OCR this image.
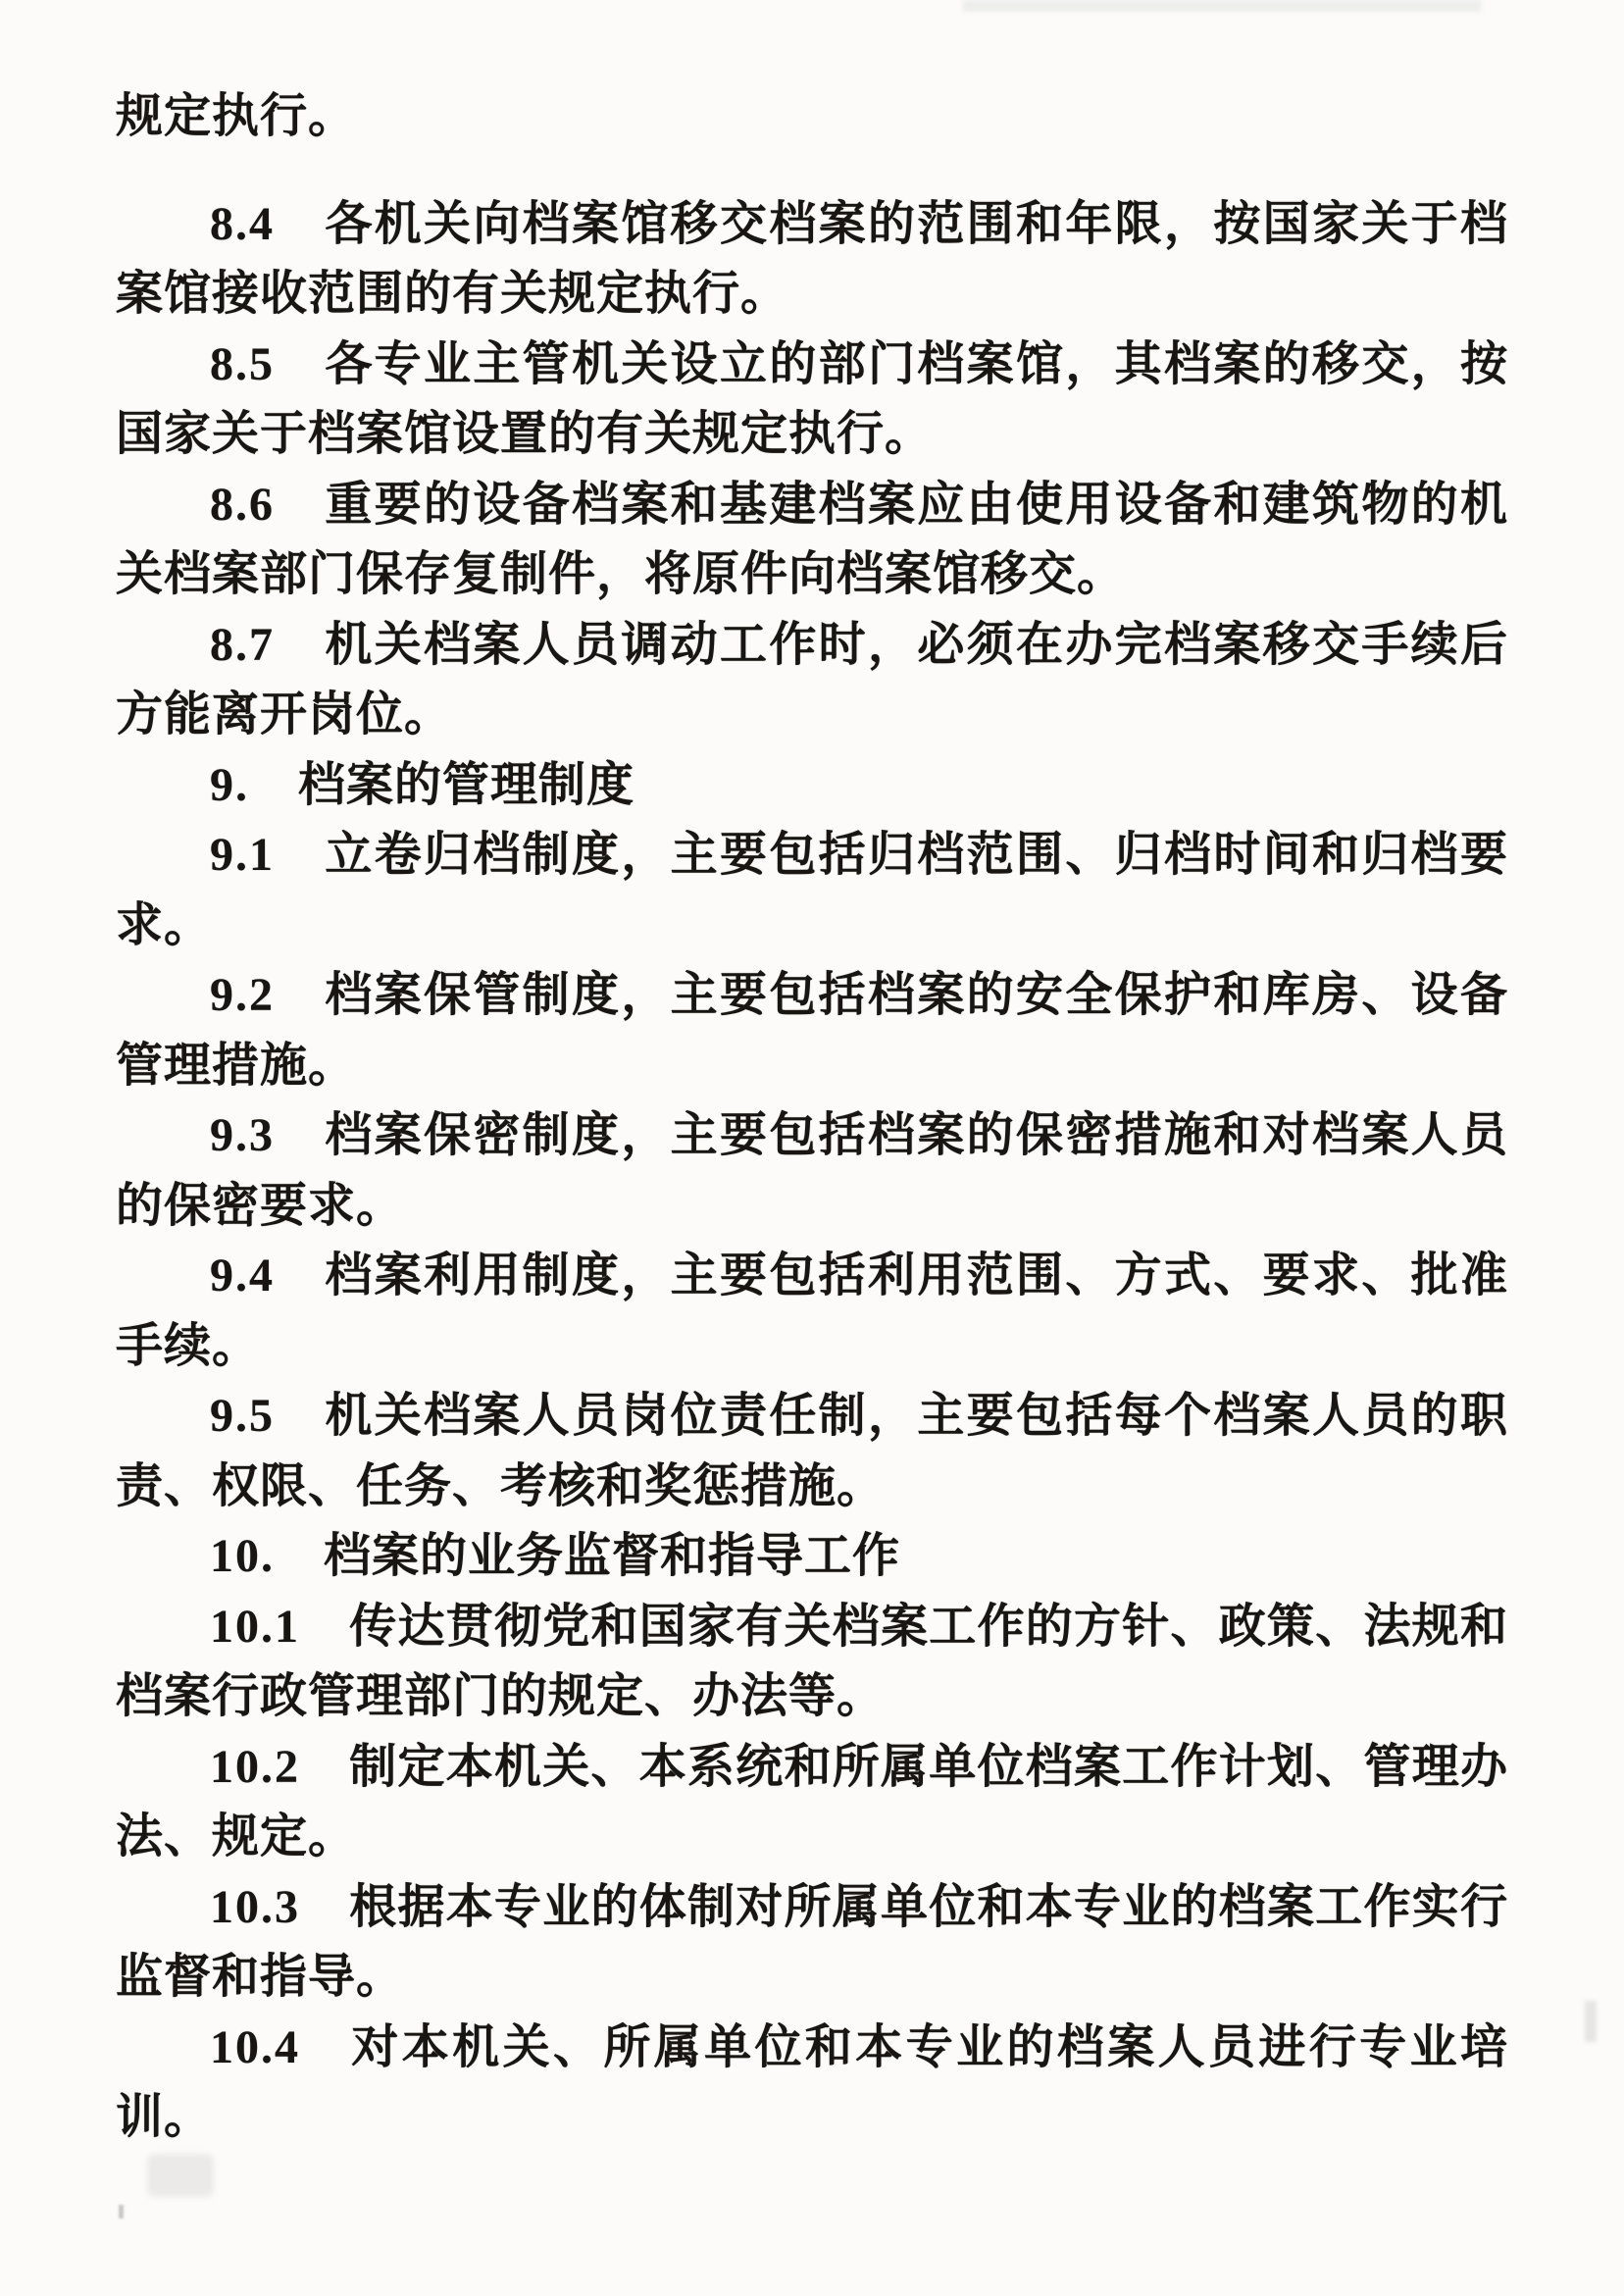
规定执行。

8.4 各机关向档案馆移交档案的范围和年限，按国家关于档案馆接收范围的有关规定执行。

8.5 各专业主管机关设立的部门档案馆，其档案的移交，按国家关于档案馆设置的有关规定执行。

8.6 重要的设备档案和基建档案应由使用设备和建筑物的机关档案部门保存复制件，将原件向档案馆移交。

8.7 机关档案人员调动工作时，必须在办完档案移交手续后方能离开岗位。

9. 档案的管理制度

9.1 立卷归档制度，主要包括归档范围、归档时间和归档要求。

9.2 档案保管制度，主要包括档案的安全保护和库房、设备管理措施。

9.3 档案保密制度，主要包括档案的保密措施和对档案人员的保密要求。

9.4 档案利用制度，主要包括利用范围、方式、要求、批准手续。

9.5 机关档案人员岗位责任制，主要包括每个档案人员的职责、权限、任务、考核和奖惩措施。

10. 档案的业务监督和指导工作

10.1 传达贯彻党和国家有关档案工作的方针、政策、法规和档案行政管理部门的规定、办法等。

10.2 制定本机关、本系统和所属单位档案工作计划、管理办法、规定。

10.3 根据本专业的体制对所属单位和本专业的档案工作实行监督和指导。

10.4 对本机关、所属单位和本专业的档案人员进行专业培训。
